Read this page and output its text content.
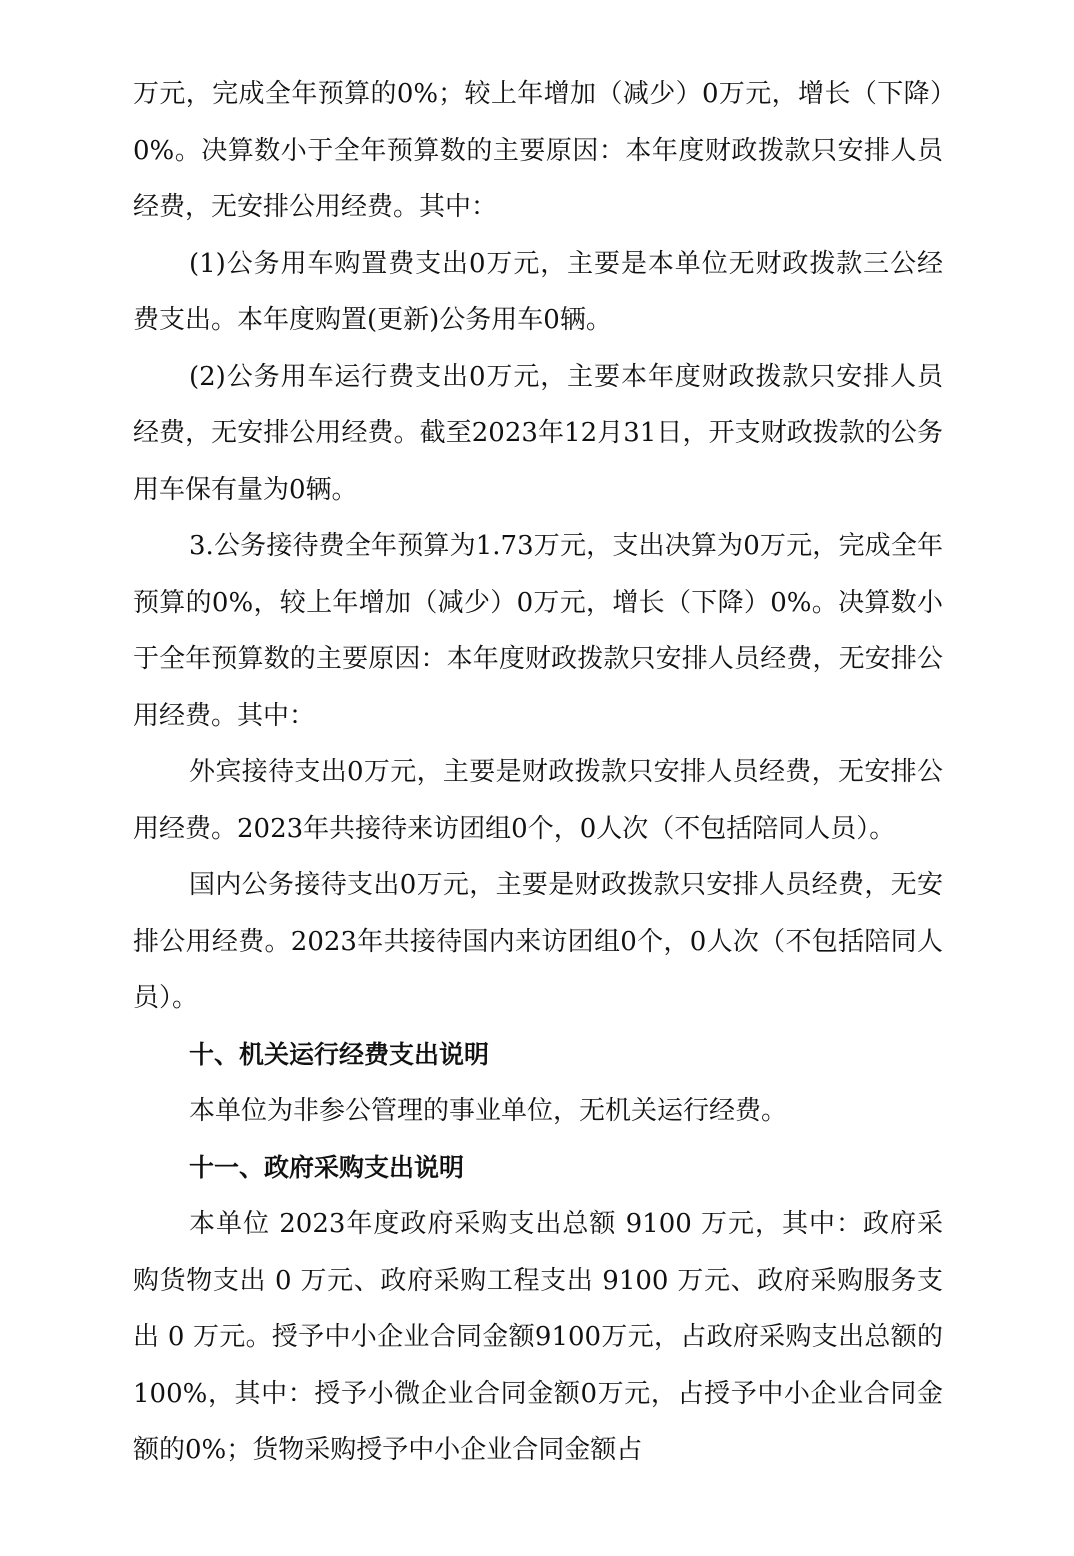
万元，完成全年预算的0%；较上年增加（减少）0万元，增长（下降）0%。决算数小于全年预算数的主要原因：本年度财政拨款只安排人员经费，无安排公用经费。其中：

(1)公务用车购置费支出0万元，主要是本单位无财政拨款三公经费支出。本年度购置(更新)公务用车0辆。

(2)公务用车运行费支出0万元，主要本年度财政拨款只安排人员经费，无安排公用经费。截至2023年12月31日，开支财政拨款的公务用车保有量为0辆。

3.公务接待费全年预算为1.73万元，支出决算为0万元，完成全年预算的0%，较上年增加（减少）0万元，增长（下降）0%。决算数小于全年预算数的主要原因：本年度财政拨款只安排人员经费，无安排公用经费。其中：

外宾接待支出0万元，主要是财政拨款只安排人员经费，无安排公用经费。2023年共接待来访团组0个，0人次（不包括陪同人员）。

国内公务接待支出0万元，主要是财政拨款只安排人员经费，无安排公用经费。2023年共接待国内来访团组0个，0人次（不包括陪同人员）。

十、机关运行经费支出说明

本单位为非参公管理的事业单位，无机关运行经费。

十一、政府采购支出说明

本单位 2023年度政府采购支出总额 9100 万元，其中：政府采购货物支出 0 万元、政府采购工程支出 9100 万元、政府采购服务支出 0 万元。授予中小企业合同金额9100万元，占政府采购支出总额的100%，其中：授予小微企业合同金额0万元，占授予中小企业合同金额的0%；货物采购授予中小企业合同金额占
